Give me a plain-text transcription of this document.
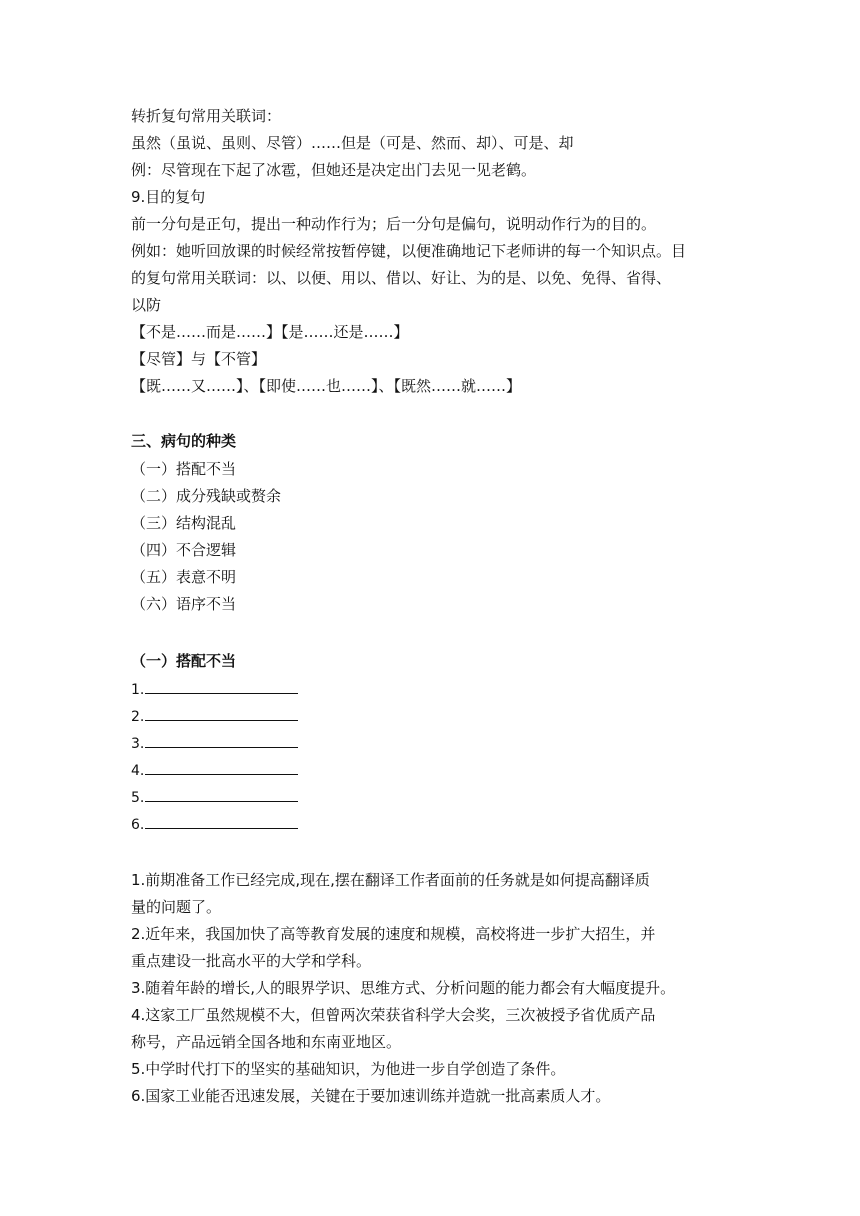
转折复句常用关联词：
虽然（虽说、虽则、尽管）……但是（可是、然而、却）、可是、却
例：尽管现在下起了冰雹，但她还是决定出门去见一见老鹤。
9.目的复句
前一分句是正句，提出一种动作行为；后一分句是偏句，说明动作行为的目的。
例如：她听回放课的时候经常按暂停键，以便准确地记下老师讲的每一个知识点。目
的复句常用关联词：以、以便、用以、借以、好让、为的是、以免、免得、省得、
以防
【不是……而是……】【是……还是……】
【尽管】与【不管】
【既……又……】、【即使……也……】、【既然……就……】
三、病句的种类
（一）搭配不当
（二）成分残缺或赘余
（三）结构混乱
（四）不合逻辑
（五）表意不明
（六）语序不当
（一）搭配不当
1.
2.
3.
4.
5.
6.
1.前期准备工作已经完成,现在,摆在翻译工作者面前的任务就是如何提高翻译质
量的问题了。
2.近年来，我国加快了高等教育发展的速度和规模，高校将进一步扩大招生，并
重点建设一批高水平的大学和学科。
3.随着年龄的增长,人的眼界学识、思维方式、分析问题的能力都会有大幅度提升。
4.这家工厂虽然规模不大，但曾两次荣获省科学大会奖，三次被授予省优质产品
称号，产品远销全国各地和东南亚地区。
5.中学时代打下的坚实的基础知识，为他进一步自学创造了条件。
6.国家工业能否迅速发展，关键在于要加速训练并造就一批高素质人才。
